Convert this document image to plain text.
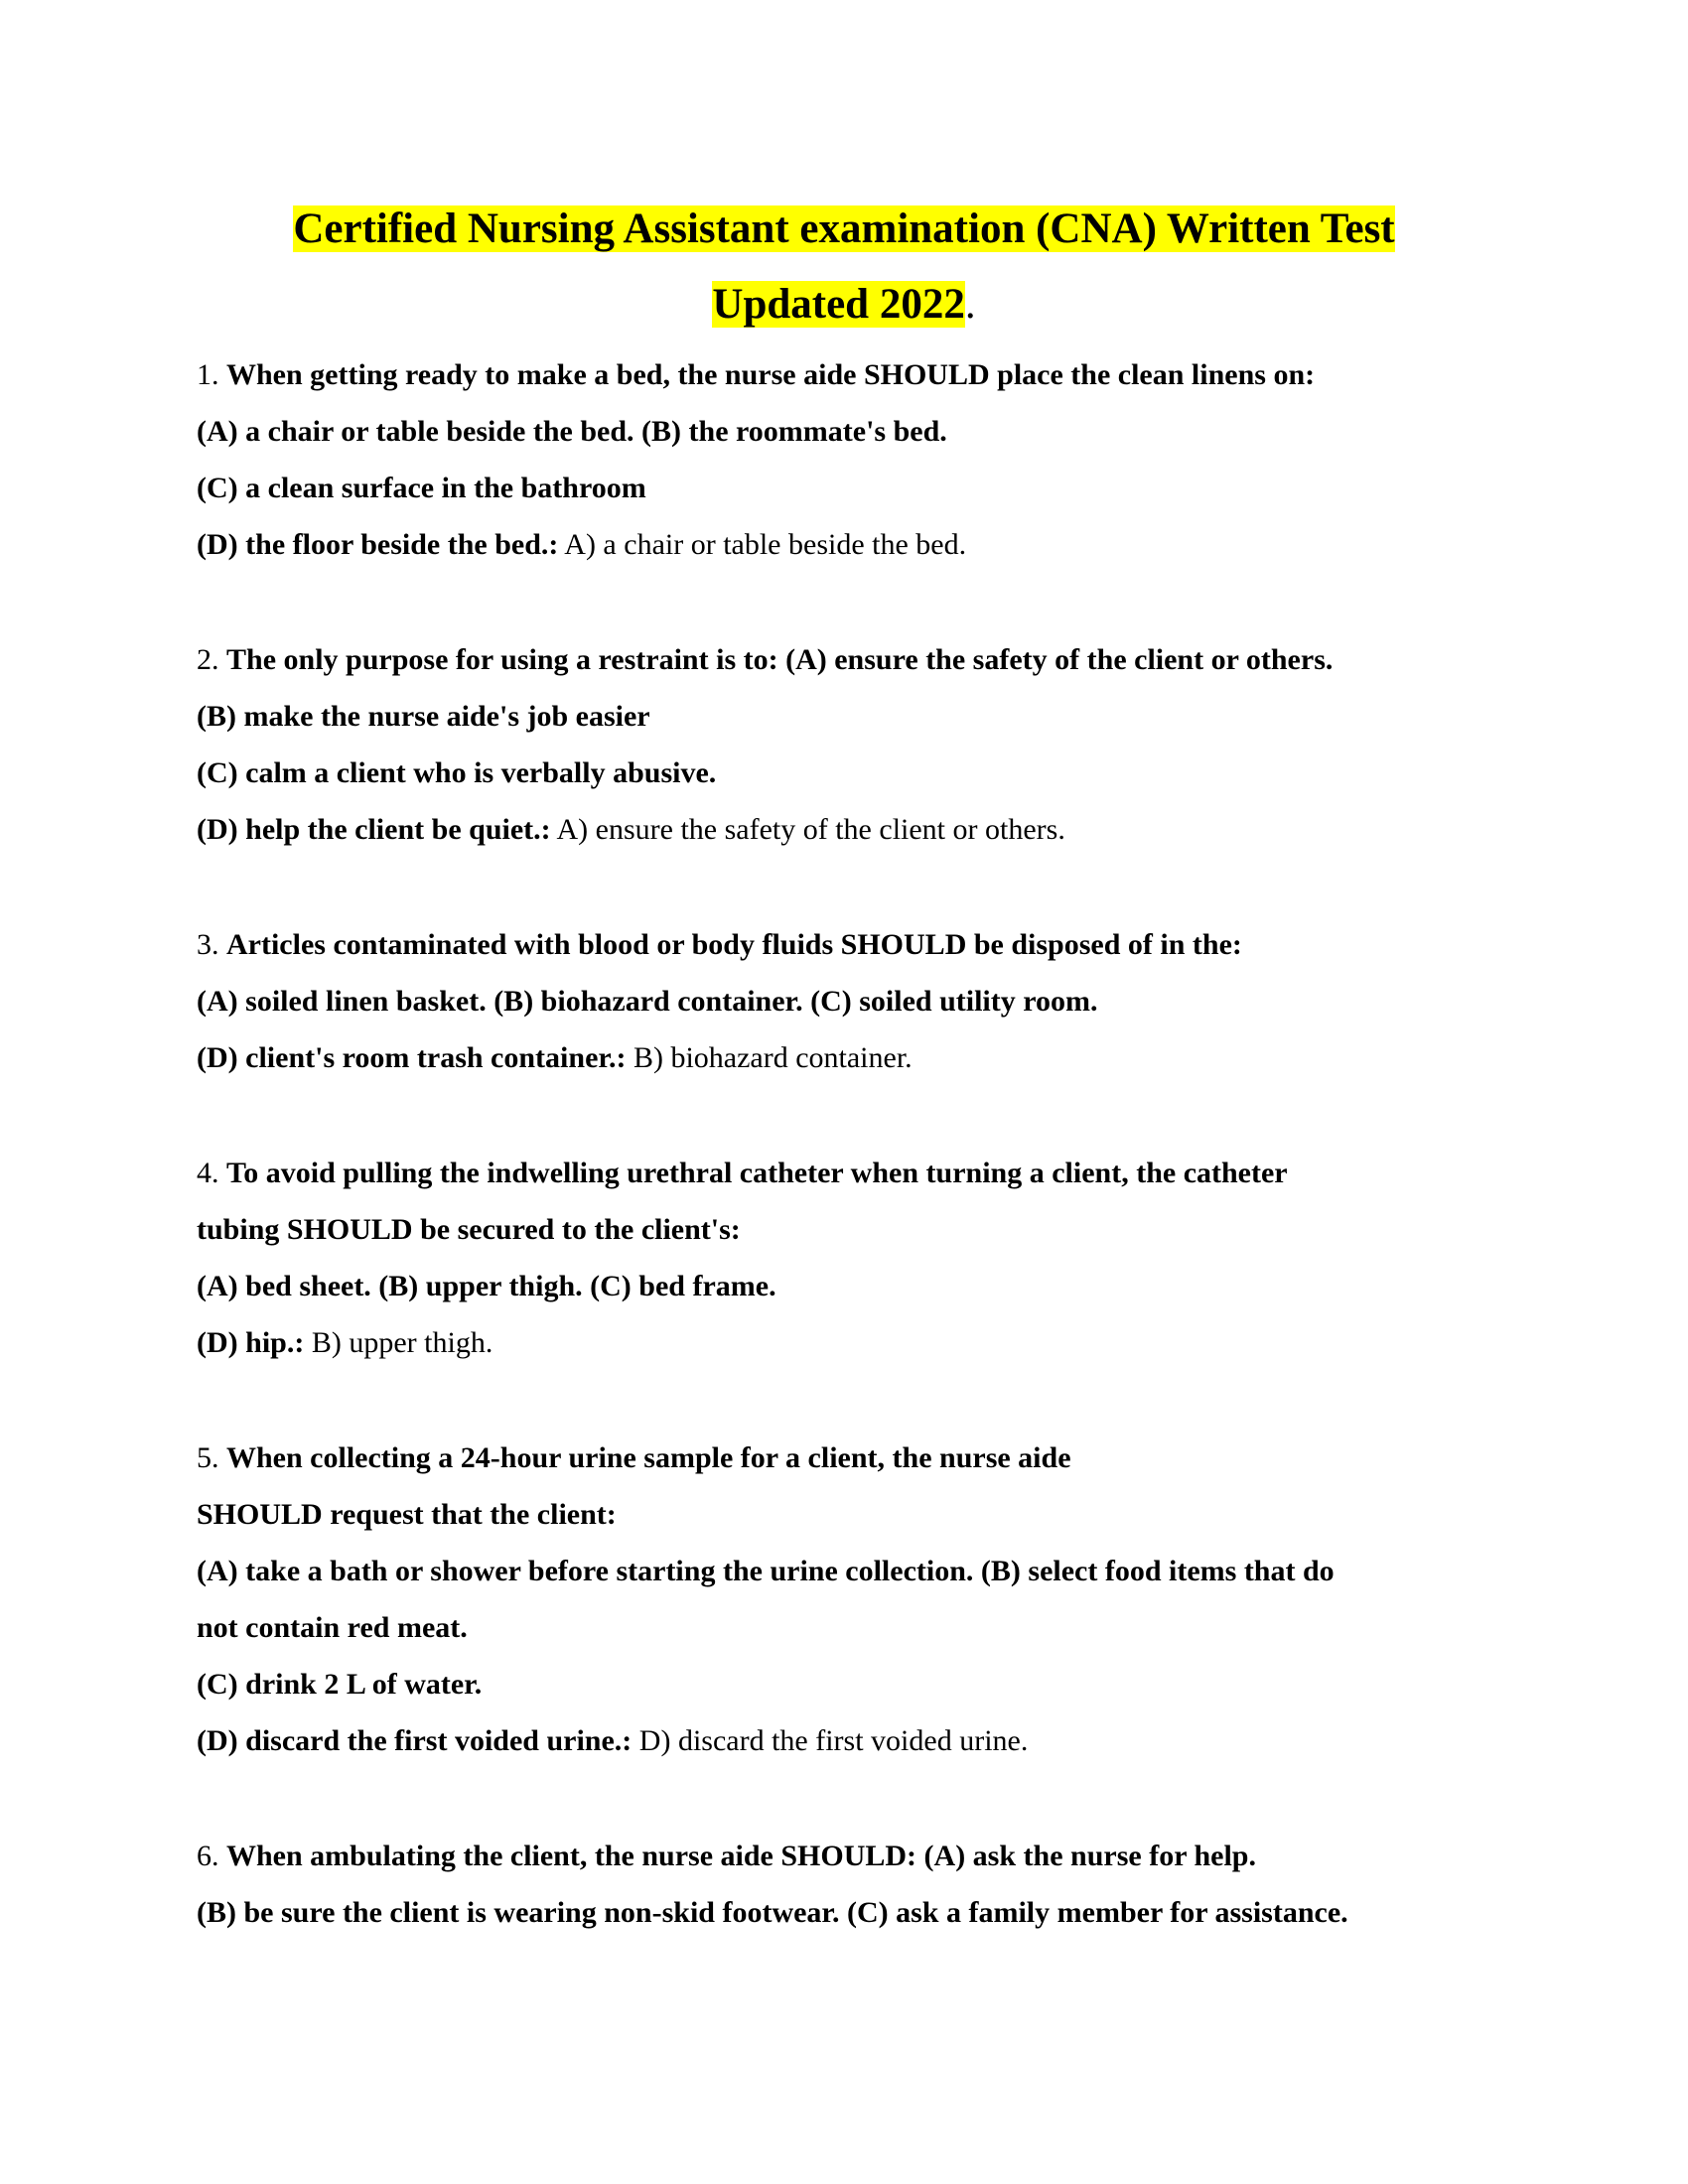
Certified Nursing Assistant examination (CNA) Written Test
Updated 2022.
1. When getting ready to make a bed, the nurse aide SHOULD place the clean linens on:
(A) a chair or table beside the bed. (B) the roommate's bed.
(C) a clean surface in the bathroom
(D) the floor beside the bed.: A) a chair or table beside the bed.
2. The only purpose for using a restraint is to: (A) ensure the safety of the client or others.
(B) make the nurse aide's job easier
(C) calm a client who is verbally abusive.
(D) help the client be quiet.: A) ensure the safety of the client or others.
3. Articles contaminated with blood or body fluids SHOULD be disposed of in the:
(A) soiled linen basket. (B) biohazard container. (C) soiled utility room.
(D) client's room trash container.: B) biohazard container.
4. To avoid pulling the indwelling urethral catheter when turning a client, the catheter
tubing SHOULD be secured to the client's:
(A) bed sheet. (B) upper thigh. (C) bed frame.
(D) hip.: B) upper thigh.
5. When collecting a 24-hour urine sample for a client, the nurse aide
SHOULD request that the client:
(A) take a bath or shower before starting the urine collection. (B) select food items that do
not contain red meat.
(C) drink 2 L of water.
(D) discard the first voided urine.: D) discard the first voided urine.
6. When ambulating the client, the nurse aide SHOULD: (A) ask the nurse for help.
(B) be sure the client is wearing non-skid footwear. (C) ask a family member for assistance.
